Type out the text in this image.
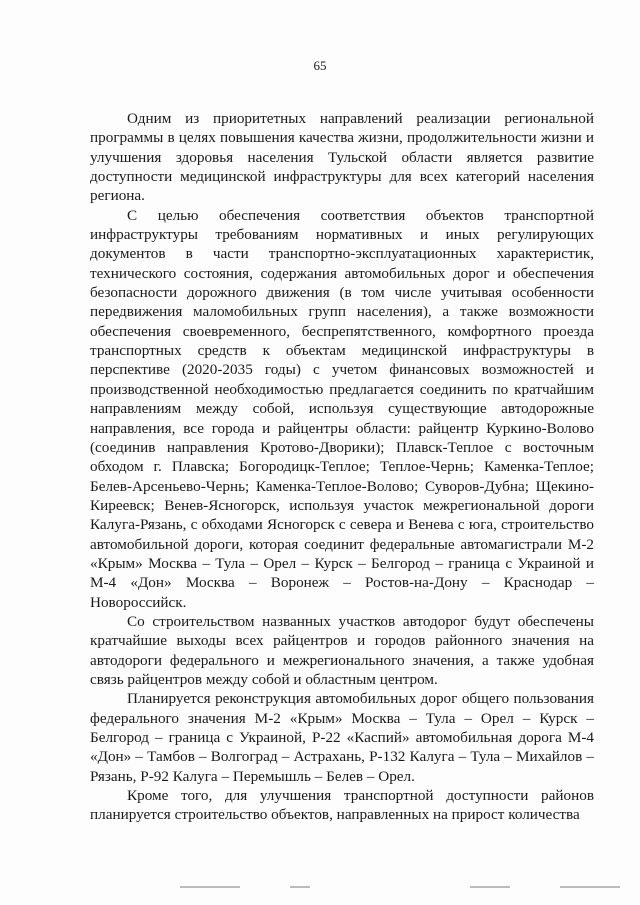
65

Одним из приоритетных направлений реализации региональной программы в целях повышения качества жизни, продолжительности жизни и улучшения здоровья населения Тульской области является развитие доступности медицинской инфраструктуры для всех категорий населения региона.

С целью обеспечения соответствия объектов транспортной инфраструктуры требованиям нормативных и иных регулирующих документов в части транспортно-эксплуатационных характеристик, технического состояния, содержания автомобильных дорог и обеспечения безопасности дорожного движения (в том числе учитывая особенности передвижения маломобильных групп населения), а также возможности обеспечения своевременного, беспрепятственного, комфортного проезда транспортных средств к объектам медицинской инфраструктуры в перспективе (2020-2035 годы) с учетом финансовых возможностей и производственной необходимостью предлагается соединить по кратчайшим направлениям между собой, используя существующие автодорожные направления, все города и райцентры области: райцентр Куркино-Волово (соединив направления Кротово-Дворики); Плавск-Теплое с восточным обходом г. Плавска; Богородицк-Теплое; Теплое-Чернь; Каменка-Теплое; Белев-Арсеньево-Чернь; Каменка-Теплое-Волово; Суворов-Дубна; Щекино-Киреевск; Венев-Ясногорск, используя участок межрегиональной дороги Калуга-Рязань, с обходами Ясногорск с севера и Венева с юга, строительство автомобильной дороги, которая соединит федеральные автомагистрали М-2 «Крым» Москва – Тула – Орел – Курск – Белгород – граница с Украиной и М-4 «Дон» Москва – Воронеж – Ростов-на-Дону – Краснодар – Новороссийск.

Со строительством названных участков автодорог будут обеспечены кратчайшие выходы всех райцентров и городов районного значения на автодороги федерального и межрегионального значения, а также удобная связь райцентров между собой и областным центром.

Планируется реконструкция автомобильных дорог общего пользования федерального значения М-2 «Крым» Москва – Тула – Орел – Курск – Белгород – граница с Украиной, Р-22 «Каспий» автомобильная дорога М-4 «Дон» – Тамбов – Волгоград – Астрахань, Р-132 Калуга – Тула – Михайлов – Рязань, Р-92 Калуга – Перемышль – Белев – Орел.

Кроме того, для улучшения транспортной доступности районов планируется строительство объектов, направленных на прирост количества
